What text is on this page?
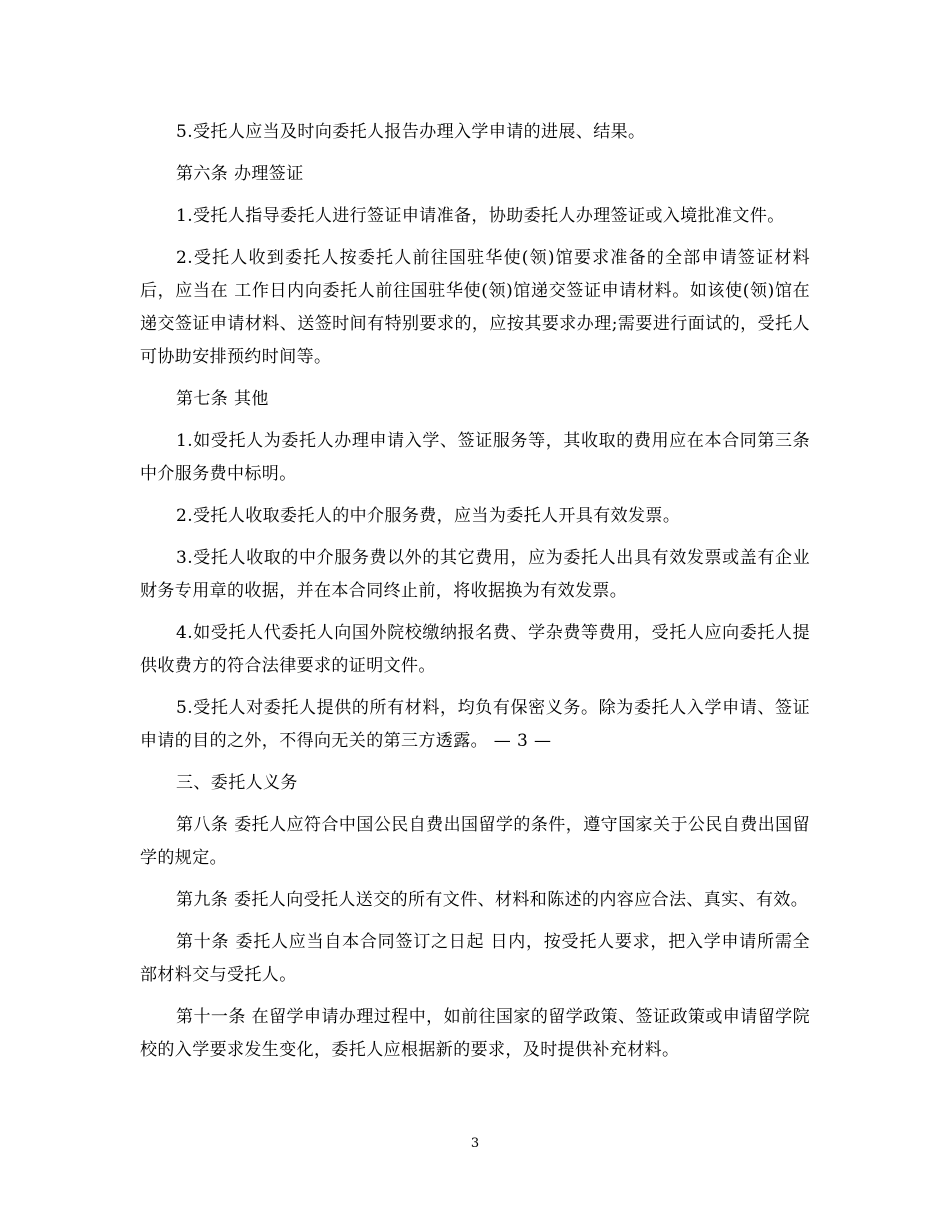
5.受托人应当及时向委托人报告办理入学申请的进展、结果。

第六条 办理签证

1.受托人指导委托人进行签证申请准备，协助委托人办理签证或入境批准文件。

2.受托人收到委托人按委托人前往国驻华使(领)馆要求准备的全部申请签证材料后，应当在 工作日内向委托人前往国驻华使(领)馆递交签证申请材料。如该使(领)馆在递交签证申请材料、送签时间有特别要求的，应按其要求办理;需要进行面试的，受托人可协助安排预约时间等。

第七条 其他

1.如受托人为委托人办理申请入学、签证服务等，其收取的费用应在本合同第三条中介服务费中标明。

2.受托人收取委托人的中介服务费，应当为委托人开具有效发票。

3.受托人收取的中介服务费以外的其它费用，应为委托人出具有效发票或盖有企业财务专用章的收据，并在本合同终止前，将收据换为有效发票。

4.如受托人代委托人向国外院校缴纳报名费、学杂费等费用，受托人应向委托人提供收费方的符合法律要求的证明文件。

5.受托人对委托人提供的所有材料，均负有保密义务。除为委托人入学申请、签证申请的目的之外，不得向无关的第三方透露。 — 3 —

三、委托人义务

第八条 委托人应符合中国公民自费出国留学的条件，遵守国家关于公民自费出国留学的规定。

第九条 委托人向受托人送交的所有文件、材料和陈述的内容应合法、真实、有效。

第十条 委托人应当自本合同签订之日起 日内，按受托人要求，把入学申请所需全部材料交与受托人。

第十一条 在留学申请办理过程中，如前往国家的留学政策、签证政策或申请留学院校的入学要求发生变化，委托人应根据新的要求，及时提供补充材料。

3
